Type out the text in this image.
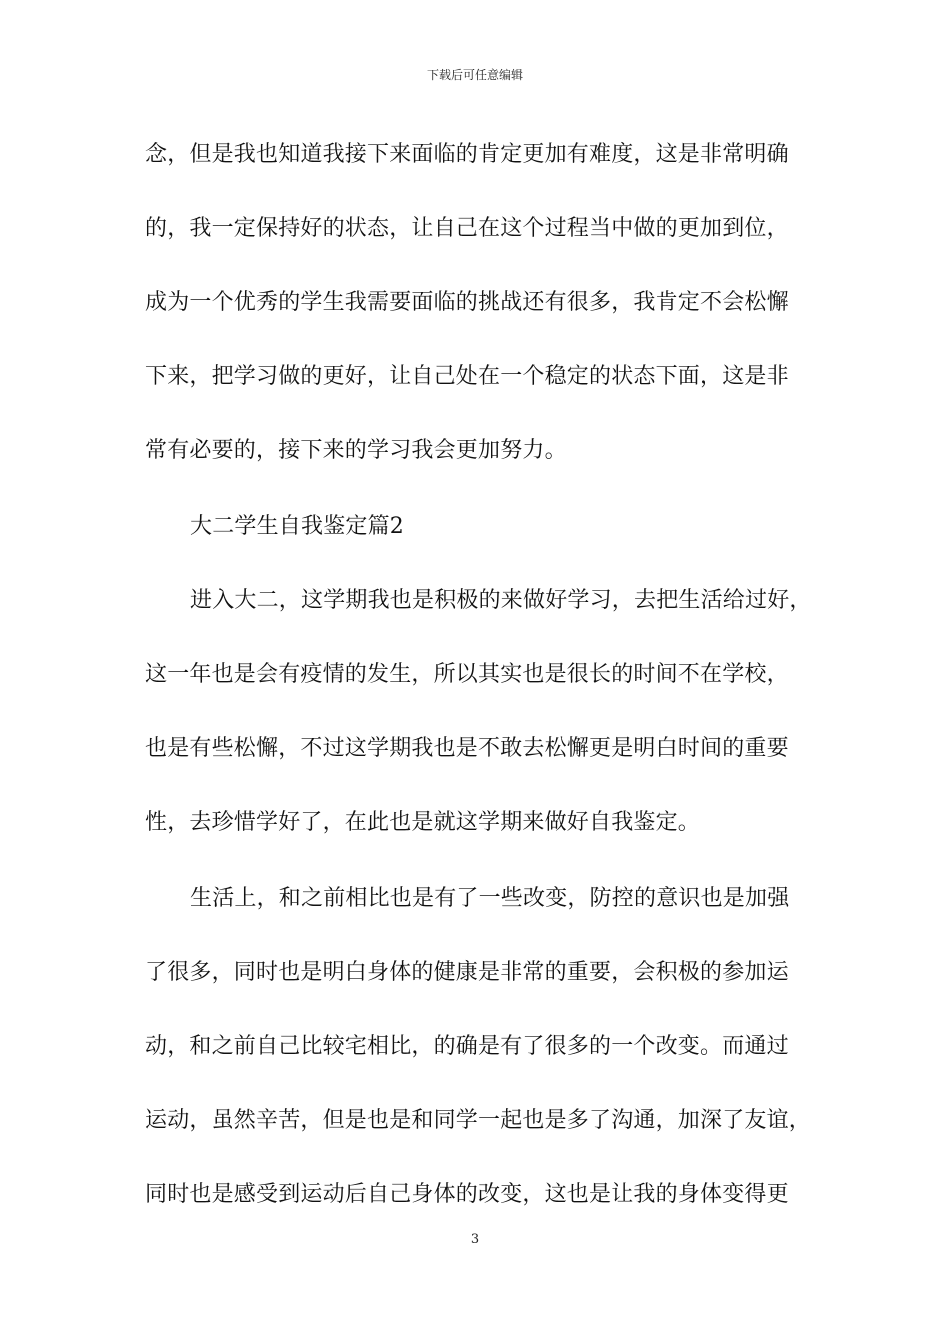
下载后可任意编辑
念，但是我也知道我接下来面临的肯定更加有难度，这是非常明确
的，我一定保持好的状态，让自己在这个过程当中做的更加到位，
成为一个优秀的学生我需要面临的挑战还有很多，我肯定不会松懈
下来，把学习做的更好，让自己处在一个稳定的状态下面，这是非
常有必要的，接下来的学习我会更加努力。
大二学生自我鉴定篇2
进入大二，这学期我也是积极的来做好学习，去把生活给过好，
这一年也是会有疫情的发生，所以其实也是很长的时间不在学校，
也是有些松懈，不过这学期我也是不敢去松懈更是明白时间的重要
性，去珍惜学好了，在此也是就这学期来做好自我鉴定。
生活上，和之前相比也是有了一些改变，防控的意识也是加强
了很多，同时也是明白身体的健康是非常的重要，会积极的参加运
动，和之前自己比较宅相比，的确是有了很多的一个改变。而通过
运动，虽然辛苦，但是也是和同学一起也是多了沟通，加深了友谊，
同时也是感受到运动后自己身体的改变，这也是让我的身体变得更
3
